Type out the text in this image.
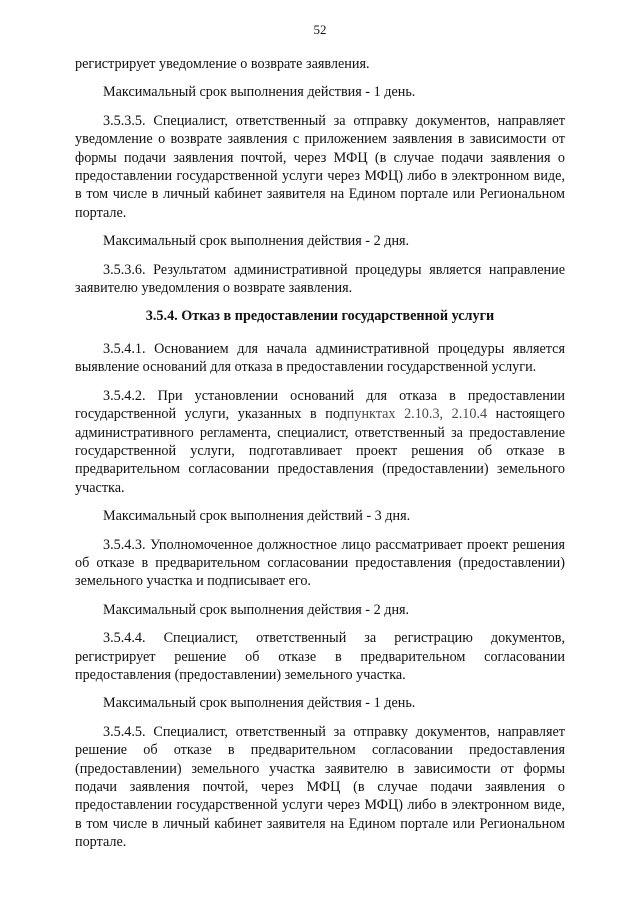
52

регистрирует уведомление о возврате заявления.

Максимальный срок выполнения действия - 1 день.

3.5.3.5. Специалист, ответственный за отправку документов, направляет уведомление о возврате заявления с приложением заявления в зависимости от формы подачи заявления почтой, через МФЦ (в случае подачи заявления о предоставлении государственной услуги через МФЦ) либо в электронном виде, в том числе в личный кабинет заявителя на Едином портале или Региональном портале.

Максимальный срок выполнения действия - 2 дня.

3.5.3.6. Результатом административной процедуры является направление заявителю уведомления о возврате заявления.

3.5.4. Отказ в предоставлении государственной услуги

3.5.4.1. Основанием для начала административной процедуры является выявление оснований для отказа в предоставлении государственной услуги.

3.5.4.2. При установлении оснований для отказа в предоставлении государственной услуги, указанных в подпунктах 2.10.3, 2.10.4 настоящего административного регламента, специалист, ответственный за предоставление государственной услуги, подготавливает проект решения об отказе в предварительном согласовании предоставления (предоставлении) земельного участка.

Максимальный срок выполнения действий - 3 дня.

3.5.4.3. Уполномоченное должностное лицо рассматривает проект решения об отказе в предварительном согласовании предоставления (предоставлении) земельного участка и подписывает его.

Максимальный срок выполнения действия - 2 дня.

3.5.4.4. Специалист, ответственный за регистрацию документов, регистрирует решение об отказе в предварительном согласовании предоставления (предоставлении) земельного участка.

Максимальный срок выполнения действия - 1 день.

3.5.4.5. Специалист, ответственный за отправку документов, направляет решение об отказе в предварительном согласовании предоставления (предоставлении) земельного участка заявителю в зависимости от формы подачи заявления почтой, через МФЦ (в случае подачи заявления о предоставлении государственной услуги через МФЦ) либо в электронном виде, в том числе в личный кабинет заявителя на Едином портале или Региональном портале.
